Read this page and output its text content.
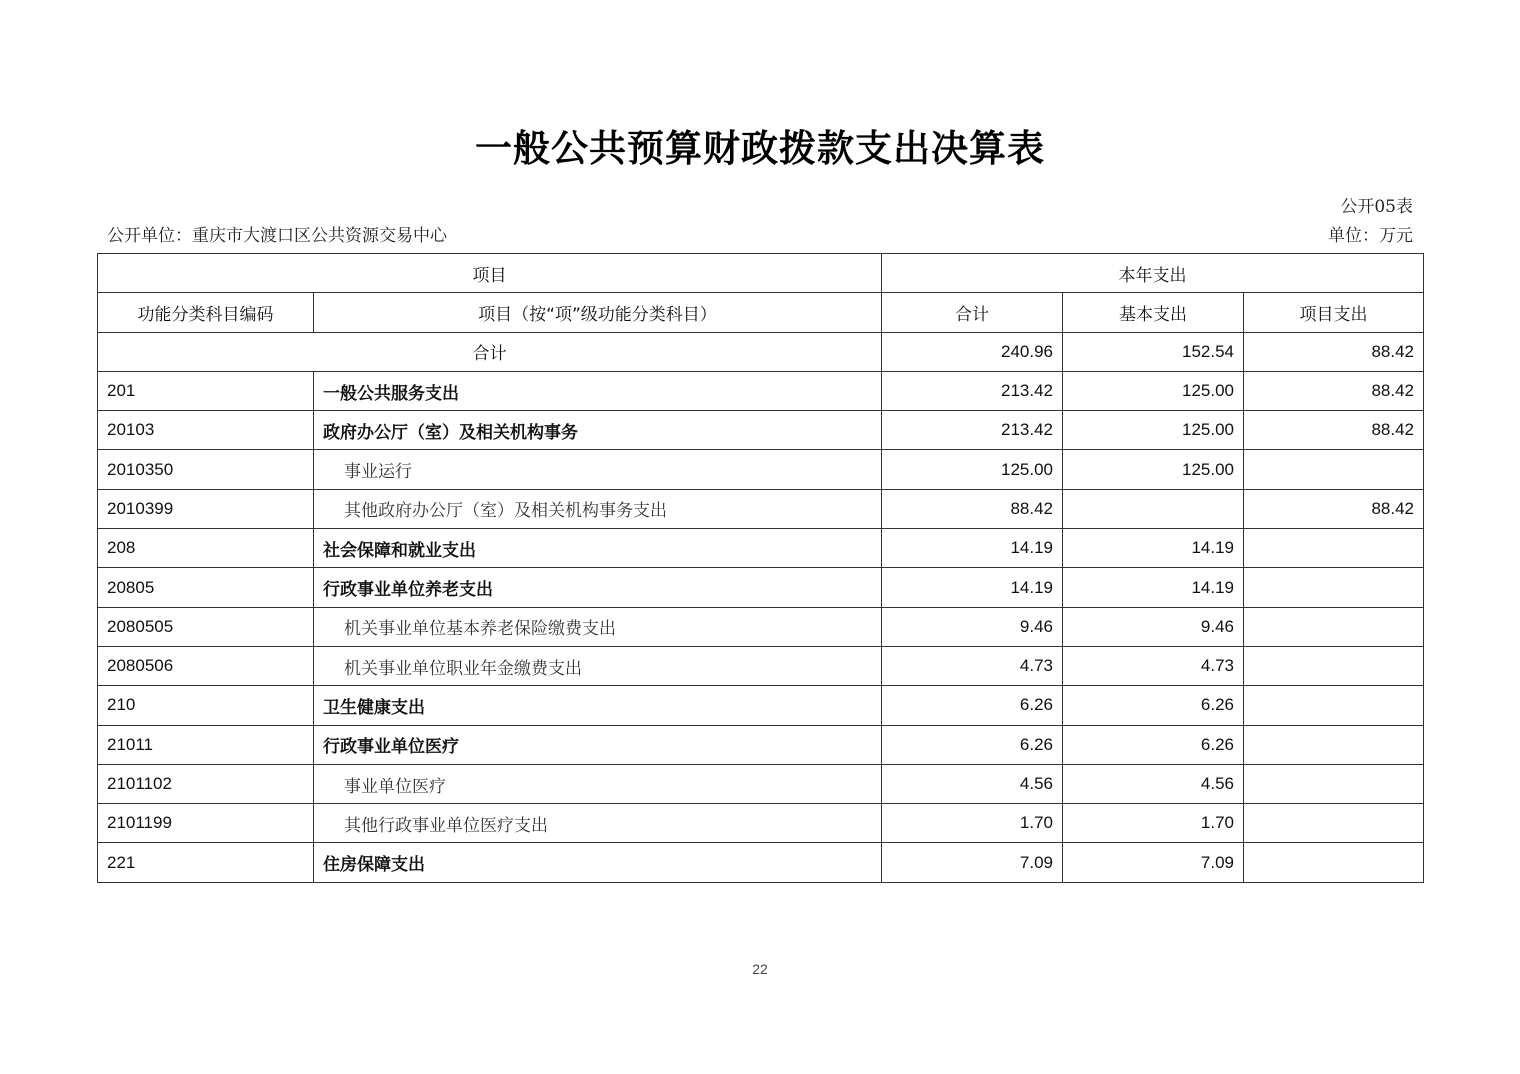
一般公共预算财政拨款支出决算表
公开05表
公开单位：重庆市大渡口区公共资源交易中心	单位：万元
项目		本年支出		
功能分类科目编码	项目（按“项”级功能分类科目）	合计	基本支出	项目支出
合计		240.96	152.54	88.42
201	一般公共服务支出	213.42	125.00	88.42
20103	政府办公厅（室）及相关机构事务	213.42	125.00	88.42
2010350	事业运行	125.00	125.00	
2010399	其他政府办公厅（室）及相关机构事务支出	88.42		88.42
208	社会保障和就业支出	14.19	14.19	
20805	行政事业单位养老支出	14.19	14.19	
2080505	机关事业单位基本养老保险缴费支出	9.46	9.46	
2080506	机关事业单位职业年金缴费支出	4.73	4.73	
210	卫生健康支出	6.26	6.26	
21011	行政事业单位医疗	6.26	6.26	
2101102	事业单位医疗	4.56	4.56	
2101199	其他行政事业单位医疗支出	1.70	1.70	
221	住房保障支出	7.09	7.09	
22
